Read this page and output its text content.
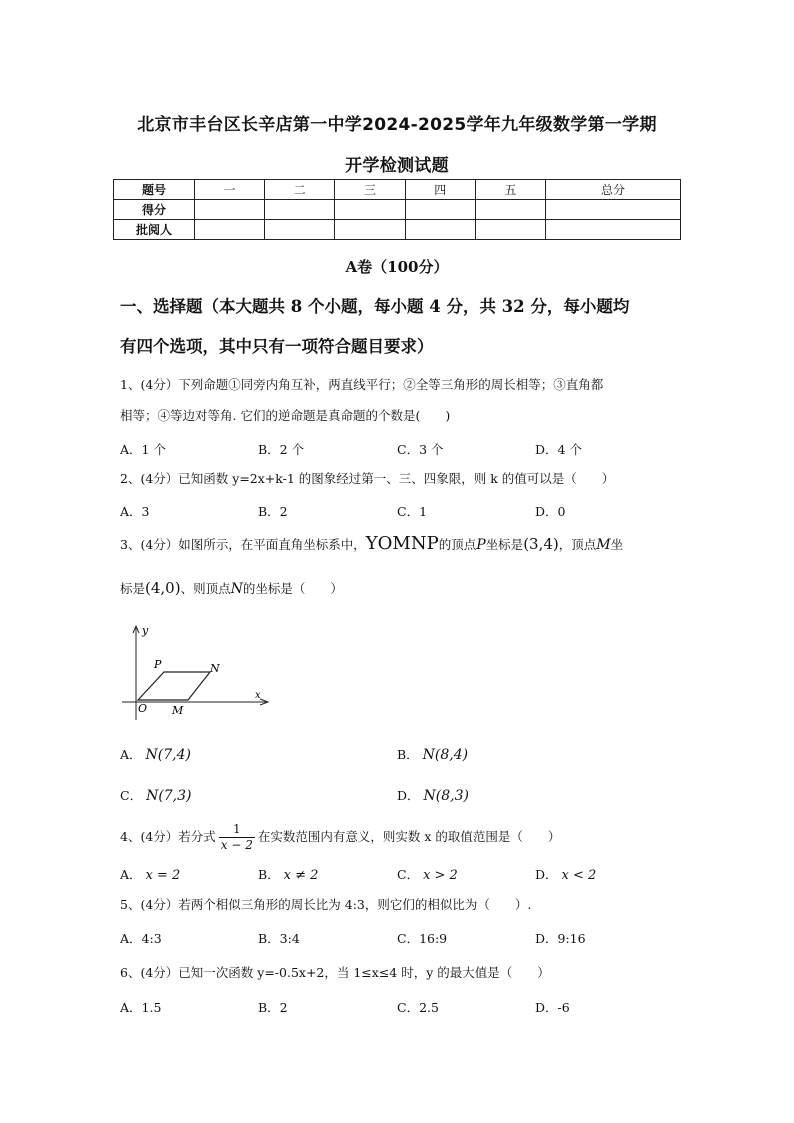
北京市丰台区长辛店第一中学2024-2025学年九年级数学第一学期
开学检测试题
题号	一	二	三	四	五	总分
得分						
批阅人						
A卷（100分）
一、选择题（本大题共 8 个小题，每小题 4 分，共 32 分，每小题均
有四个选项，其中只有一项符合题目要求）
1、(4分）下列命题①同旁内角互补，两直线平行；②全等三角形的周长相等；③直角都
相等；④等边对等角. 它们的逆命题是真命题的个数是(　　)
A．1 个	B．2 个	C．3 个	D．4 个
2、(4分）已知函数 y=2x+k-1 的图象经过第一、三、四象限，则 k 的值可以是（　　）
A．3	B．2	C．1	D．0
3、(4分）如图所示，在平面直角坐标系中，YOMNP的顶点P坐标是(3,4)，顶点M坐
标是(4,0)、则顶点N的坐标是（　　）
y
x
O
P	N
M
A． N(7,4)	B． N(8,4)
C． N(7,3)	D． N(8,3)
4、(4分）若分式 $\frac{1}{x - 2}$ 在实数范围内有意义，则实数 x 的取值范围是（　　）
A． x = 2	B． x ≠ 2	C． x > 2	D． x < 2
5、(4分）若两个相似三角形的周长比为 4:3，则它们的相似比为（　　）.
A．4:3	B．3:4	C．16:9	D．9:16
6、(4分）已知一次函数 y=-0.5x+2，当 1≤x≤4 时，y 的最大值是（　　）
A．1.5	B．2	C．2.5	D．-6
